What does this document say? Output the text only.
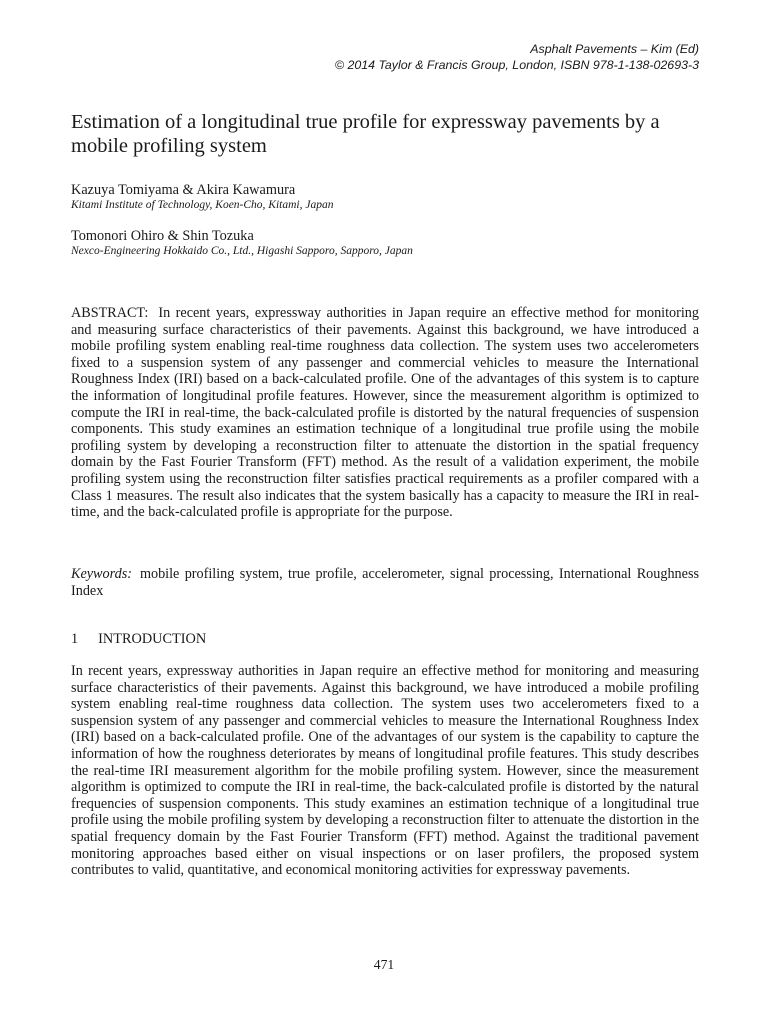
Asphalt Pavements – Kim (Ed)
© 2014 Taylor & Francis Group, London, ISBN 978-1-138-02693-3
Estimation of a longitudinal true profile for expressway pavements by a mobile profiling system
Kazuya Tomiyama & Akira Kawamura
Kitami Institute of Technology, Koen-Cho, Kitami, Japan
Tomonori Ohiro & Shin Tozuka
Nexco-Engineering Hokkaido Co., Ltd., Higashi Sapporo, Sapporo, Japan

ABSTRACT: In recent years, expressway authorities in Japan require an effective method for monitoring and measuring surface characteristics of their pavements. Against this background, we have introduced a mobile profiling system enabling real-time roughness data collection. The system uses two accelerometers fixed to a suspension system of any passenger and commercial vehicles to measure the International Roughness Index (IRI) based on a back-calculated profile. One of the advantages of this system is to capture the information of longitudinal profile features. However, since the measurement algorithm is optimized to compute the IRI in real-time, the back-calculated profile is distorted by the natural frequencies of suspension components. This study examines an estimation technique of a longitudinal true profile using the mobile profiling system by developing a reconstruction filter to attenuate the distortion in the spatial frequency domain by the Fast Fourier Transform (FFT) method. As the result of a validation experiment, the mobile profiling system using the reconstruction filter satisfies practical requirements as a profiler compared with a Class 1 measures. The result also indicates that the system basically has a capacity to measure the IRI in real-time, and the back-calculated profile is appropriate for the purpose.

Keywords: mobile profiling system, true profile, accelerometer, signal processing, International Roughness Index

1 INTRODUCTION

In recent years, expressway authorities in Japan require an effective method for monitoring and measuring surface characteristics of their pavements. Against this background, we have introduced a mobile profiling system enabling real-time roughness data collection. The system uses two accelerometers fixed to a suspension system of any passenger and commercial vehicles to measure the International Roughness Index (IRI) based on a back-calculated profile. One of the advantages of our system is the capability to capture the information of how the roughness deteriorates by means of longitudinal profile features. This study describes the real-time IRI measurement algorithm for the mobile profiling system. However, since the measurement algorithm is optimized to compute the IRI in real-time, the back-calculated profile is distorted by the natural frequencies of suspension components. This study examines an estimation technique of a longitudinal true profile using the mobile profiling system by developing a reconstruction filter to attenuate the distortion in the spatial frequency domain by the Fast Fourier Transform (FFT) method. Against the traditional pavement monitoring approaches based either on visual inspections or on laser profilers, the proposed system contributes to valid, quantitative, and economical monitoring activities for expressway pavements.

471
